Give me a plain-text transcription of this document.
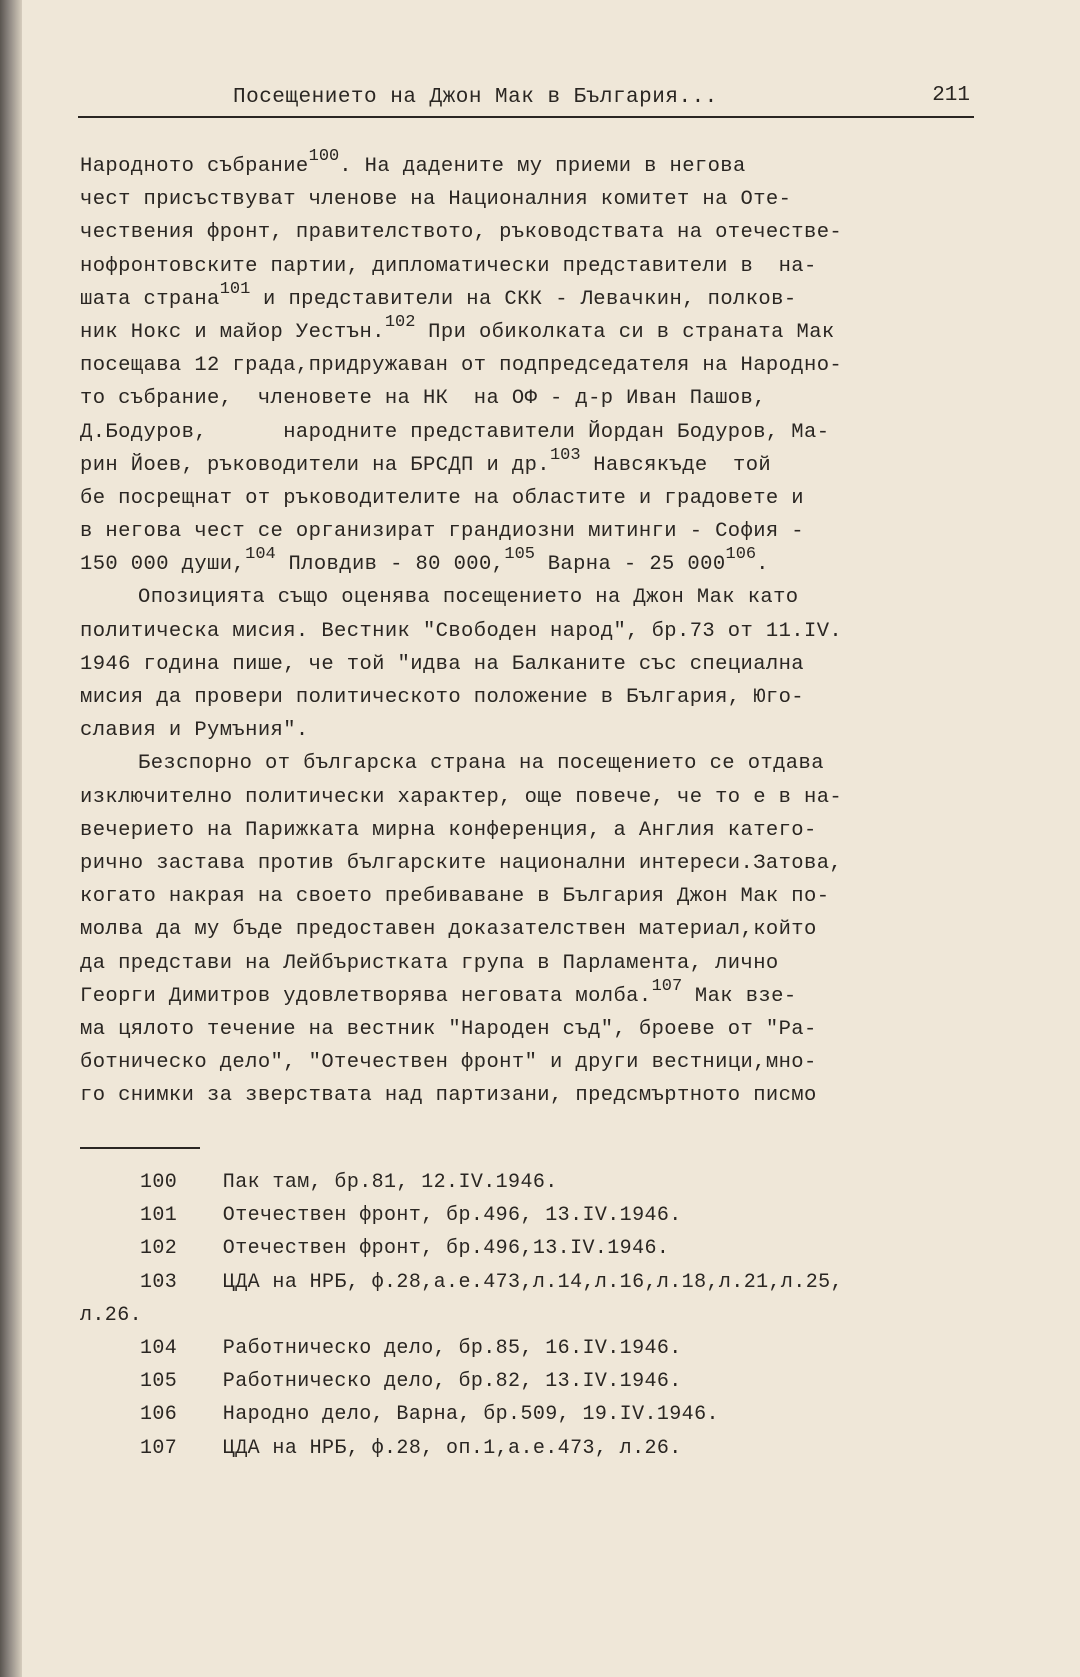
Посещението на Джон Мак в България...	211
Народното събрание$^{100}$. На дадените му приеми в негова
чест присъствуват членове на Националния комитет на Оте-
чествения фронт, правителството, ръководствата на отечестве-
нофронтовските партии, дипломатически представители в  на-
шата страна$^{101}$ и представители на СКК - Левачкин, полков-
ник Нокс и майор Уестън.$^{102}$ При обиколката си в страната Мак
посещава 12 града,придружаван от подпредседателя на Народно-
то събрание,  членовете на НК  на ОФ - д-р Иван Пашов,
Д.Бодуров,      народните представители Йордан Бодуров, Ма-
рин Йоев, ръководители на БРСДП и др.$^{103}$ Навсякъде  той
бе посрещнат от ръководителите на областите и градовете и
в негова чест се организират грандиозни митинги - София -
150 000 души,$^{104}$ Пловдив - 80 000,$^{105}$ Варна - 25 $000^{106}$.
Опозицията също оценява посещението на Джон Мак като
политическа мисия. Вестник "Свободен народ", бр.73 от 11.IV.
1946 година пише, че той "идва на Балканите със специална
мисия да провери политическото положение в България, Юго-
славия и Румъния".
Безспорно от българска страна на посещението се отдава
изключително политически характер, още повече, че то е в на-
вечерието на Парижката мирна конференция, а Англия катего-
рично застава против българските национални интереси.Затова,
когато накрая на своето пребиваване в България Джон Мак по-
молва да му бъде предоставен доказателствен материал,който
да представи на Лейбъристката група в Парламента, лично
Георги Димитров удовлетворява неговата молба.$^{107}$ Мак взе-
ма цялото течение на вестник "Народен съд", броеве от "Ра-
ботническо дело", "Отечествен фронт" и други вестници,мно-
го снимки за зверствата над партизани, предсмъртното писмо
100  Пак там, бр.81, 12.IV.1946.
101  Отечествен фронт, бр.496, 13.IV.1946.
102  Отечествен фронт, бр.496,13.IV.1946.
103  ЦДА на НРБ, ф.28,а.е.473,л.14,л.16,л.18,л.21,л.25,
л.26.
104  Работническо дело, бр.85, 16.IV.1946.
105  Работническо дело, бр.82, 13.IV.1946.
106  Народно дело, Варна, бр.509, 19.IV.1946.
107  ЦДА на НРБ, ф.28, оп.1,а.е.473, л.26.
